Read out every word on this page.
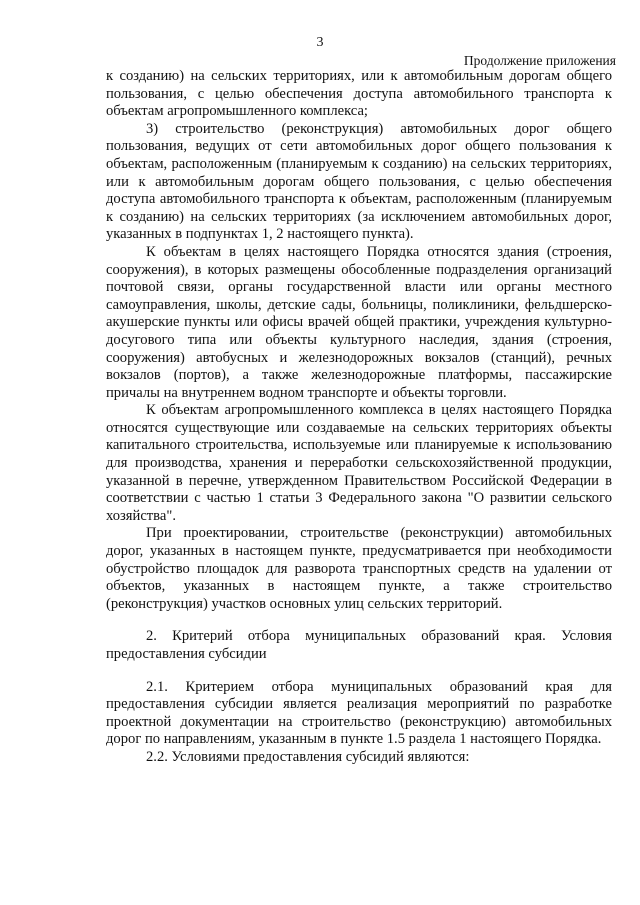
3
Продолжение приложения

к созданию) на сельских территориях, или к автомобильным дорогам общего пользования, с целью обеспечения доступа автомобильного транспорта к объектам агропромышленного комплекса;

3) строительство (реконструкция) автомобильных дорог общего пользования, ведущих от сети автомобильных дорог общего пользования к объектам, расположенным (планируемым к созданию) на сельских территориях, или к автомобильным дорогам общего пользования, с целью обеспечения доступа автомобильного транспорта к объектам, расположенным (планируемым к созданию) на сельских территориях (за исключением автомобильных дорог, указанных в подпунктах 1, 2 настоящего пункта).

К объектам в целях настоящего Порядка относятся здания (строения, сооружения), в которых размещены обособленные подразделения организаций почтовой связи, органы государственной власти или органы местного самоуправления, школы, детские сады, больницы, поликлиники, фельдшерско-акушерские пункты или офисы врачей общей практики, учреждения культурно-досугового типа или объекты культурного наследия, здания (строения, сооружения) автобусных и железнодорожных вокзалов (станций), речных вокзалов (портов), а также железнодорожные платформы, пассажирские причалы на внутреннем водном транспорте и объекты торговли.

К объектам агропромышленного комплекса в целях настоящего Порядка относятся существующие или создаваемые на сельских территориях объекты капитального строительства, используемые или планируемые к использованию для производства, хранения и переработки сельскохозяйственной продукции, указанной в перечне, утвержденном Правительством Российской Федерации в соответствии с частью 1 статьи 3 Федерального закона "О развитии сельского хозяйства".

При проектировании, строительстве (реконструкции) автомобильных дорог, указанных в настоящем пункте, предусматривается при необходимости обустройство площадок для разворота транспортных средств на удалении от объектов, указанных в настоящем пункте, а также строительство (реконструкция) участков основных улиц сельских территорий.

2. Критерий отбора муниципальных образований края. Условия предоставления субсидии

2.1. Критерием отбора муниципальных образований края для предоставления субсидии является реализация мероприятий по разработке проектной документации на строительство (реконструкцию) автомобильных дорог по направлениям, указанным в пункте 1.5 раздела 1 настоящего Порядка.

2.2. Условиями предоставления субсидий являются:
